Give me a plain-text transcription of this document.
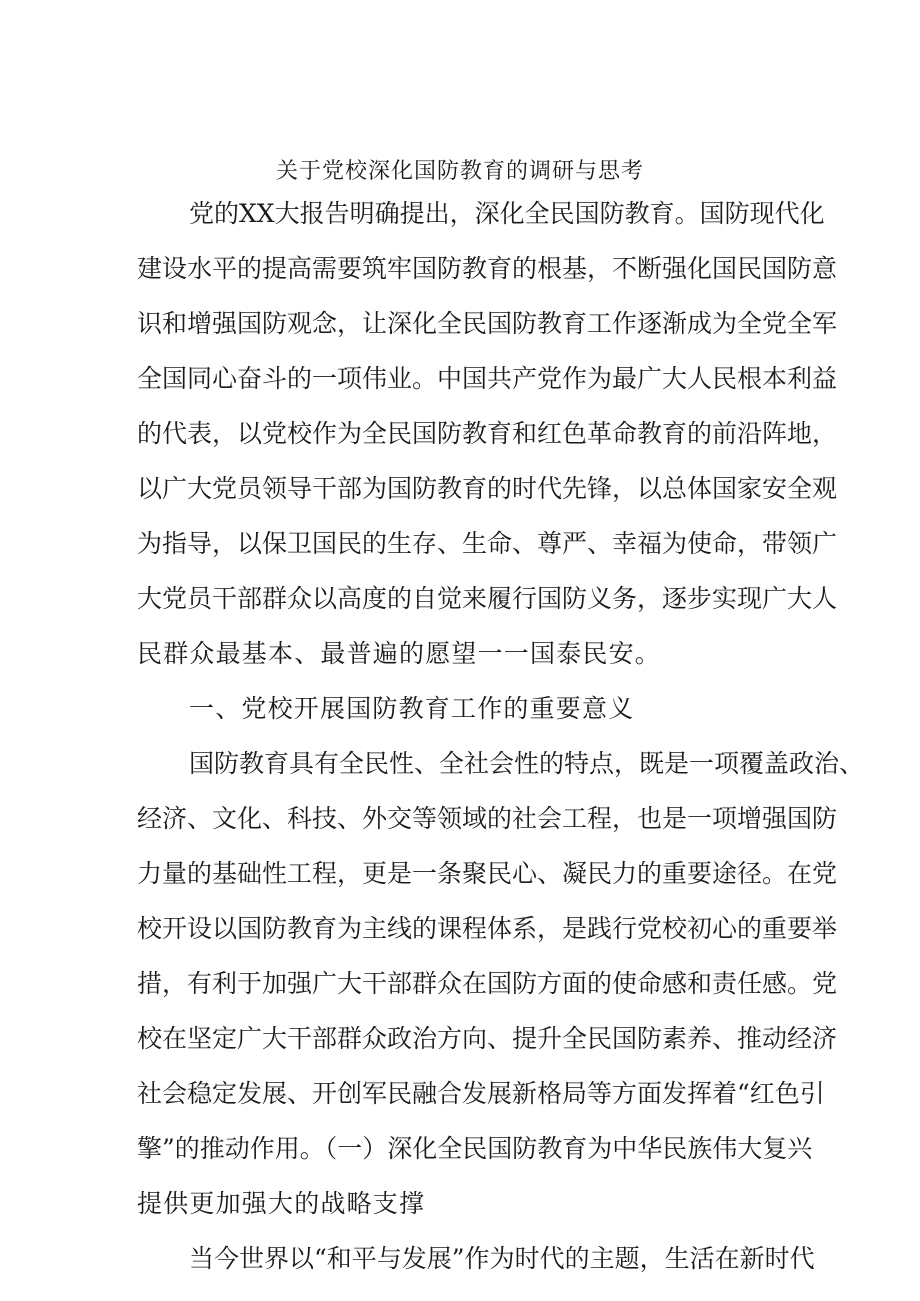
关于党校深化国防教育的调研与思考
党的XX大报告明确提出，深化全民国防教育。国防现代化
建设水平的提高需要筑牢国防教育的根基，不断强化国民国防意
识和增强国防观念，让深化全民国防教育工作逐渐成为全党全军
全国同心奋斗的一项伟业。中国共产党作为最广大人民根本利益
的代表，以党校作为全民国防教育和红色革命教育的前沿阵地，
以广大党员领导干部为国防教育的时代先锋，以总体国家安全观
为指导，以保卫国民的生存、生命、尊严、幸福为使命，带领广
大党员干部群众以高度的自觉来履行国防义务，逐步实现广大人
民群众最基本、最普遍的愿望一一国泰民安。
一、党校开展国防教育工作的重要意义
国防教育具有全民性、全社会性的特点，既是一项覆盖政治、
经济、文化、科技、外交等领域的社会工程，也是一项增强国防
力量的基础性工程，更是一条聚民心、凝民力的重要途径。在党
校开设以国防教育为主线的课程体系，是践行党校初心的重要举
措，有利于加强广大干部群众在国防方面的使命感和责任感。党
校在坚定广大干部群众政治方向、提升全民国防素养、推动经济
社会稳定发展、开创军民融合发展新格局等方面发挥着“红色引
擎”的推动作用。（一）深化全民国防教育为中华民族伟大复兴
提供更加强大的战略支撑
当今世界以“和平与发展”作为时代的主题，生活在新时代
